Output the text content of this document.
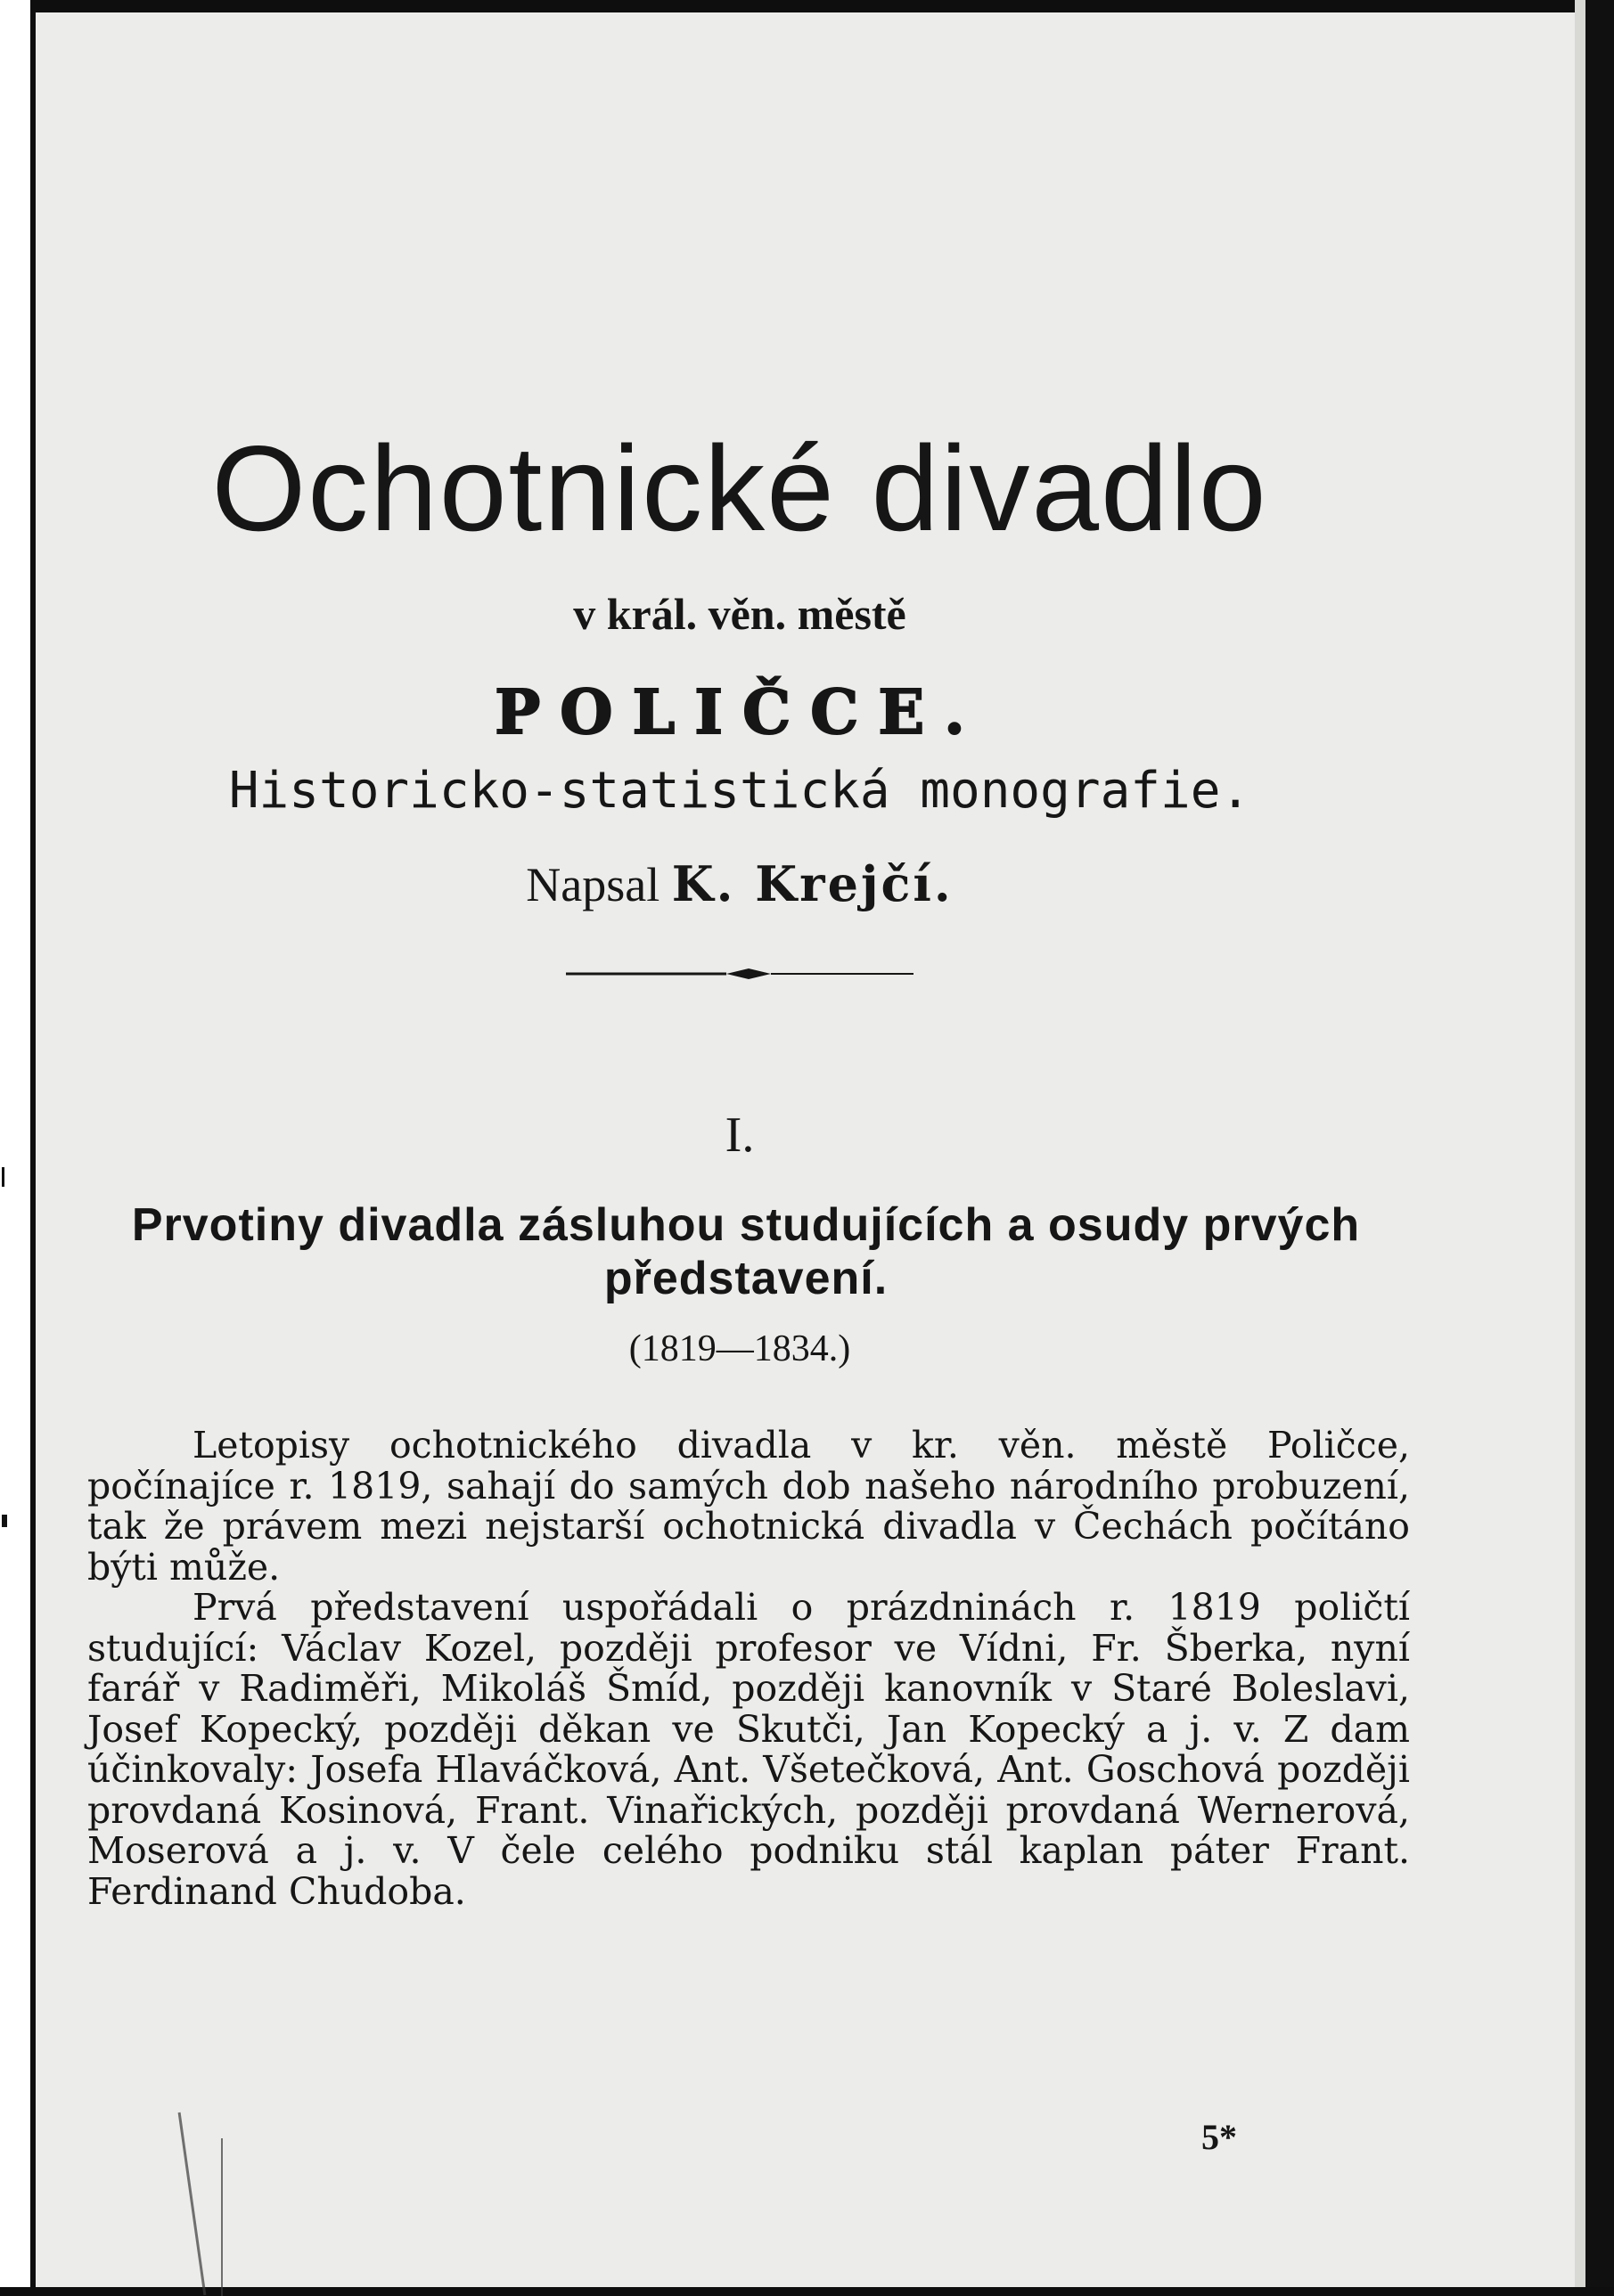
Ochotnické divadlo
v král. věn. městě
POLIČCE.
Historicko-statistická monografie.
Napsal K. Krejčí.
I.
Prvotiny divadla zásluhou studujících a osudy prvých představení.
(1819—1834.)

Letopisy ochotnického divadla v kr. věn. městě Poličce, počínajíce r. 1819, sahají do samých dob našeho národního probuzení, tak že právem mezi nejstarší ochotnická divadla v Čechách počítáno býti může.

Prvá představení uspořádali o prázdninách r. 1819 poličtí studující: Václav Kozel, později profesor ve Vídni, Fr. Šberka, nyní farář v Radiměři, Mikoláš Šmíd, později kanovník v Staré Boleslavi, Josef Kopecký, později děkan ve Skutči, Jan Kopecký a j. v. Z dam účinkovaly: Josefa Hlaváčková, Ant. Všetečková, Ant. Goschová později provdaná Kosinová, Frant. Vinařických, později provdaná Wernerová, Moserová a j. v. V čele celého podniku stál kaplan páter Frant. Ferdinand Chudoba.

5*
